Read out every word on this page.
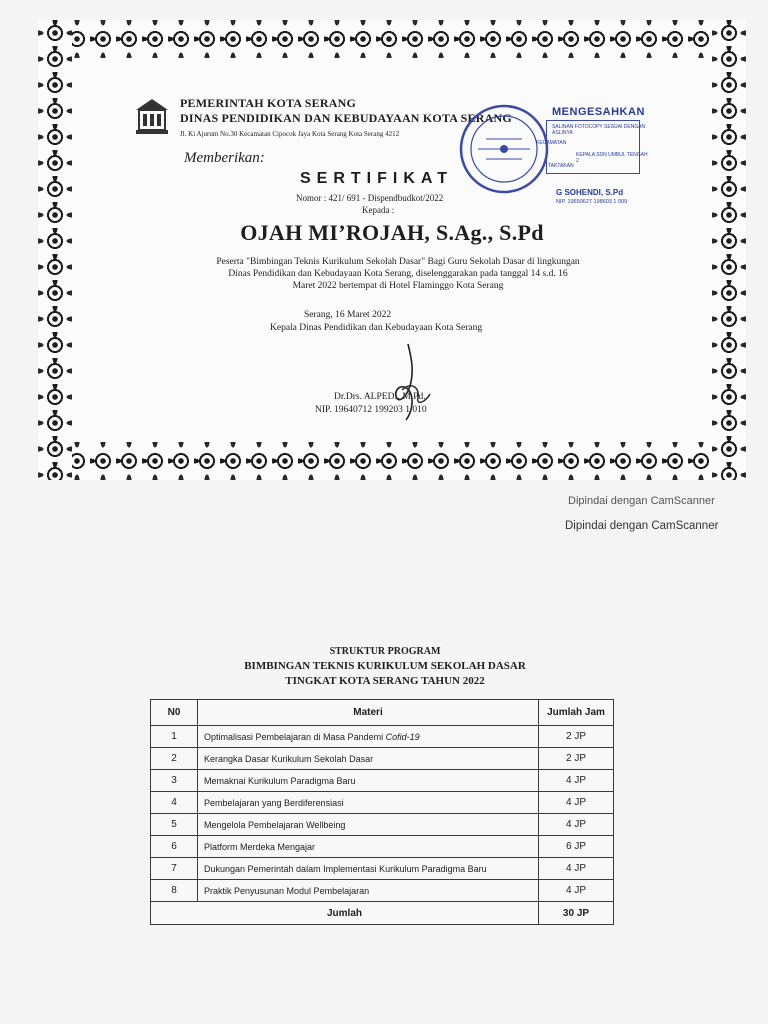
PEMERINTAH KOTA SERANG
DINAS PENDIDIKAN DAN KEBUDAYAAN KOTA SERANG
Jl. Ki Ajurum No.30 Kecamatan Cipocok Jaya Kota Serang Kota Serang 4212
Memberikan:
SERTIFIKAT
Nomor : 421/ 691 - Dispendbudkot/2022
Kepada :
OJAH MI’ROJAH, S.Ag., S.Pd
Peserta "Bimbingan Teknis Kurikulum Sekolah Dasar" Bagi Guru Sekolah Dasar di lingkungan
Dinas Pendidikan dan Kebudayaan Kota Serang, diselenggarakan pada tanggal 14 s.d. 16
Maret 2022 bertempat di Hotel Flaminggo Kota Serang
Serang, 16 Maret 2022
Kepala Dinas Pendidikan dan Kebudayaan Kota Serang
Dr.Drs. ALPEDI, M.Pd.
NIP. 19640712 199203 1 010
MENGESAHKAN
SALINAN FOTOCOPY SESUAI DENGAN ASLINYA
KECAMATAN
KEPALA SDN UMBUL TENGAH 2
TAKTAKAN
G SOHENDI, S.Pd
NIP. 19650627 198603 1 009
Dipindai dengan CamScanner
Dipindai dengan CamScanner
STRUKTUR PROGRAM
BIMBINGAN TEKNIS KURIKULUM SEKOLAH DASAR
TINGKAT KOTA SERANG TAHUN 2022
N0	Materi	Jumlah Jam
1	Optimalisasi Pembelajaran di Masa Pandemi Cofid-19	2 JP
2	Kerangka Dasar Kurikulum Sekolah Dasar	2 JP
3	Memaknai Kurikulum Paradigma Baru	4 JP
4	Pembelajaran yang Berdiferensiasi	4 JP
5	Mengelola Pembelajaran Wellbeing	4 JP
6	Platform Merdeka Mengajar	6 JP
7	Dukungan Pemerintah dalam Implementasi Kurikulum Paradigma Baru	4 JP
8	Praktik Penyusunan Modul Pembelajaran	4 JP
Jumlah		30 JP
